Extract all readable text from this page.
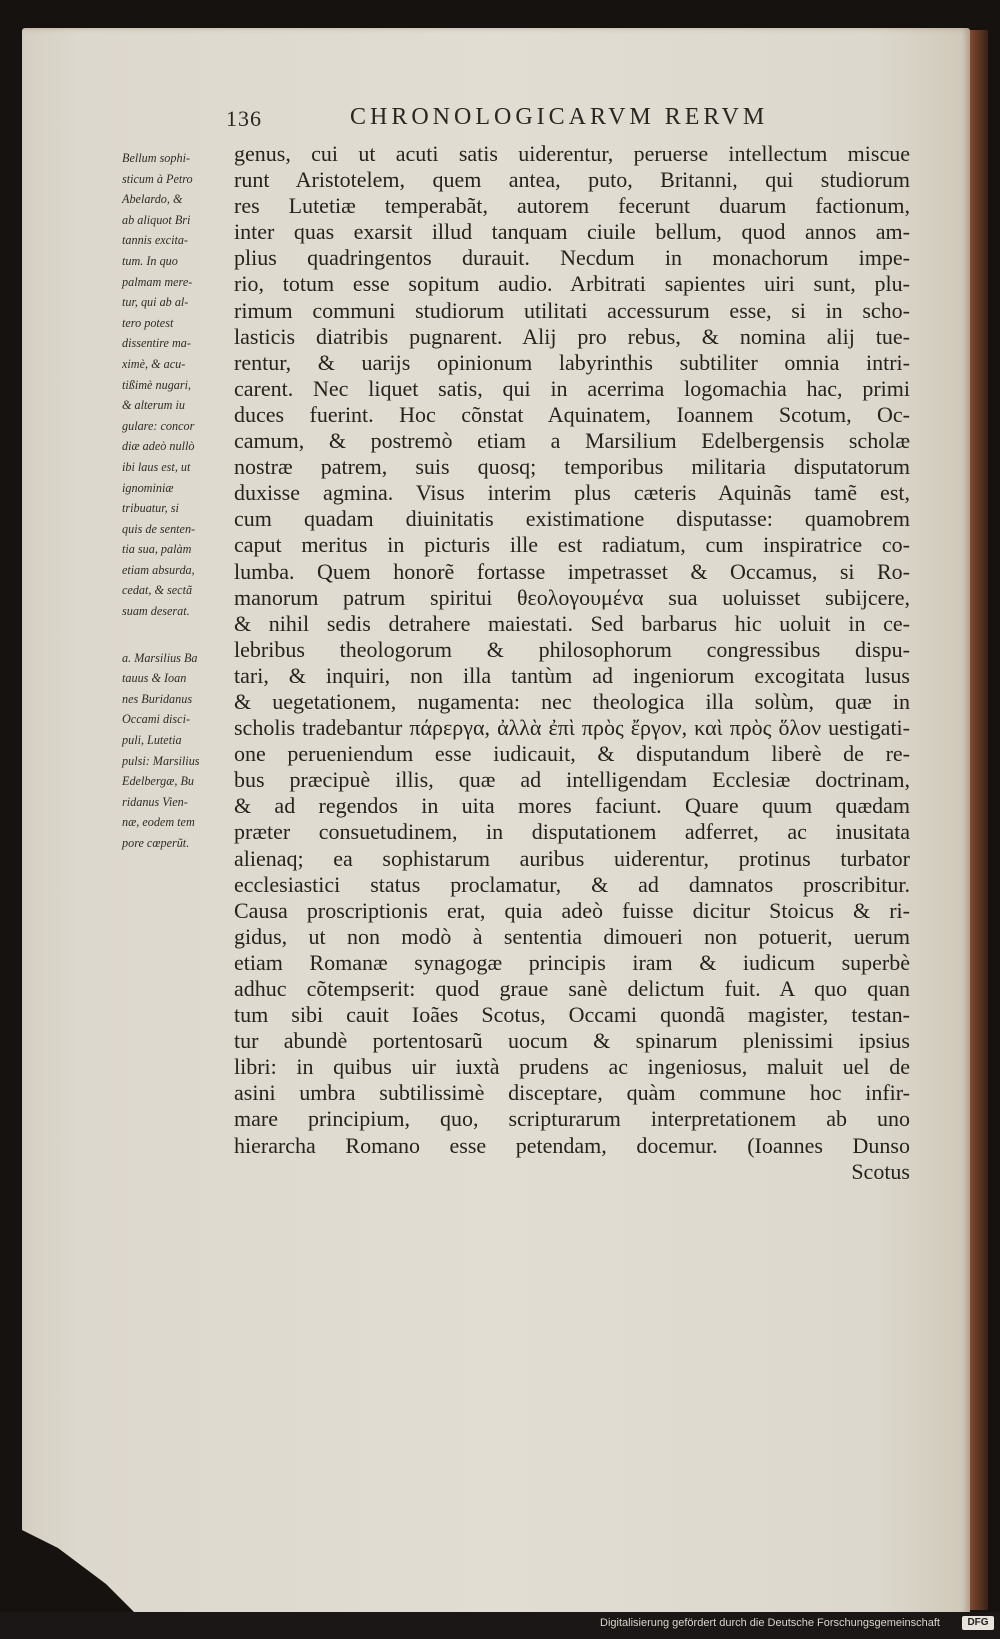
136	CHRONOLOGICARVM RERVM
Bellum sophi-
sticum à Petro
Abelardo, &
ab aliquot Bri
tannis excita-
tum. In quo
palmam mere-
tur, qui ab al-
tero potest
dissentire ma-
ximè, & acu-
tißimè nugari,
& alterum iu
gulare: concor
diæ adeò nullò
ibi laus est, ut
ignominiæ
tribuatur, si
quis de senten-
tia sua, palàm
etiam absurda,
cedat, & sectã
suam deserat.
a. Marsilius Ba
tauus & Ioan
nes Buridanus
Occami disci-
puli, Lutetia
pulsi: Marsilius
Edelbergæ, Bu
ridanus Vien-
næ, eodem tem
pore cœperũt.
genus, cui ut acuti satis uiderentur, peruerse intellectum miscue
runt Aristotelem, quem antea, puto, Britanni, qui studiorum
res Lutetiæ temperabãt, autorem fecerunt duarum factionum,
inter quas exarsit illud tanquam ciuile bellum, quod annos am-
plius quadringentos durauit. Necdum in monachorum impe-
rio, totum esse sopitum audio. Arbitrati sapientes uiri sunt, plu-
rimum communi studiorum utilitati accessurum esse, si in scho-
lasticis diatribis pugnarent. Alij pro rebus, & nomina alij tue-
rentur, & uarijs opinionum labyrinthis subtiliter omnia intri-
carent. Nec liquet satis, qui in acerrima logomachia hac, primi
duces fuerint. Hoc cõnstat Aquinatem, Ioannem Scotum, Oc-
camum, & postremò etiam a Marsilium Edelbergensis scholæ
nostræ patrem, suis quosq; temporibus militaria disputatorum
duxisse agmina. Visus interim plus cæteris Aquinãs tamẽ est,
cum quadam diuinitatis existimatione disputasse: quamobrem
caput meritus in picturis ille est radiatum, cum inspiratrice co-
lumba. Quem honorẽ fortasse impetrasset & Occamus, si Ro-
manorum patrum spiritui θεολογουμένα sua uoluisset subijcere,
& nihil sedis detrahere maiestati. Sed barbarus hic uoluit in ce-
lebribus theologorum & philosophorum congressibus dispu-
tari, & inquiri, non illa tantùm ad ingeniorum excogitata lusus
& uegetationem, nugamenta: nec theologica illa solùm, quæ in
scholis tradebantur πάρεργα, ἀλλὰ ἐπὶ πρὸς ἔργον, καὶ πρὸς ὅλον uestigati-
one perueniendum esse iudicauit, & disputandum liberè de re-
bus præcipuè illis, quæ ad intelligendam Ecclesiæ doctrinam,
& ad regendos in uita mores faciunt. Quare quum quædam
præter consuetudinem, in disputationem adferret, ac inusitata
alienaq; ea sophistarum auribus uiderentur, protinus turbator
ecclesiastici status proclamatur, & ad damnatos proscribitur.
Causa proscriptionis erat, quia adeò fuisse dicitur Stoicus & ri-
gidus, ut non modò à sententia dimoueri non potuerit, uerum
etiam Romanæ synagogæ principis iram & iudicum superbè
adhuc cõtempserit: quod graue sanè delictum fuit. A quo quan
tum sibi cauit Ioães Scotus, Occami quondã magister, testan-
tur abundè portentosarũ uocum & spinarum plenissimi ipsius
libri: in quibus uir iuxtà prudens ac ingeniosus, maluit uel de
asini umbra subtilissimè disceptare, quàm commune hoc infir-
mare principium, quo, scripturarum interpretationem ab uno
hierarcha Romano esse petendam, docemur. (Ioannes Dunso
Scotus
Digitalisierung gefördert durch die Deutsche Forschungsgemeinschaft	DFG
